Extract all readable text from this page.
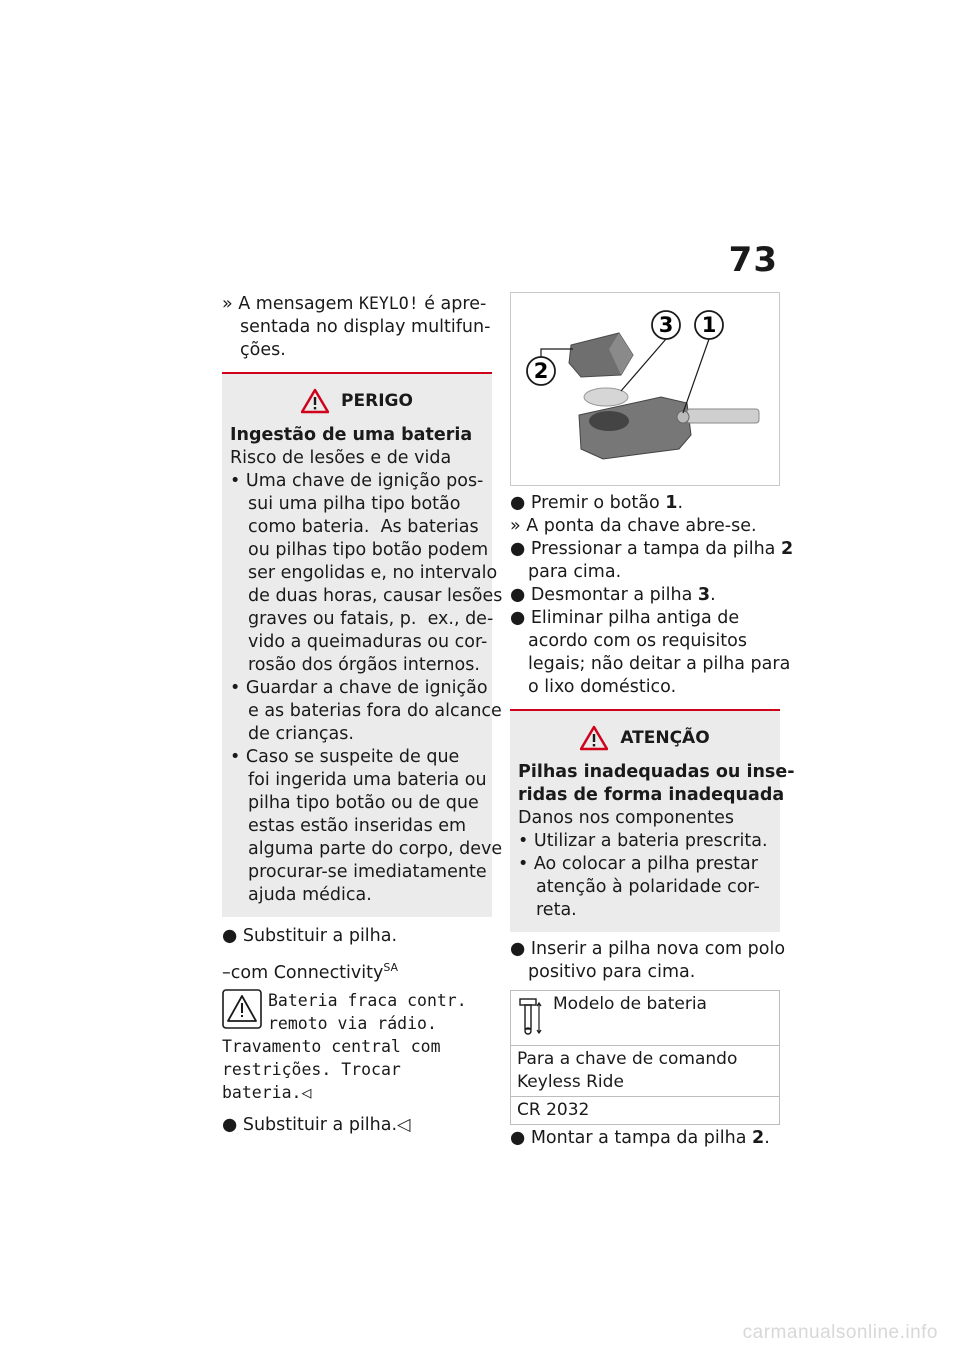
73
» A mensagem KEYLO! é apre-
sentada no display multifun-
ções.
PERIGO
Ingestão de uma bateria
Risco de lesões e de vida
• Uma chave de ignição pos-
sui uma pilha tipo botão
como bateria.  As baterias
ou pilhas tipo botão podem
ser engolidas e, no intervalo
de duas horas, causar lesões
graves ou fatais, p.  ex., de-
vido a queimaduras ou cor-
rosão dos órgãos internos.
• Guardar a chave de ignição
e as baterias fora do alcance
de crianças.
• Caso se suspeite de que
foi ingerida uma bateria ou
pilha tipo botão ou de que
estas estão inseridas em
alguma parte do corpo, deve
procurar-se imediatamente
ajuda médica.
● Substituir a pilha.
–com Connectivity$^{SA}$
Bateria fraca contr.
remoto via rádio.
Travamento central com
restrições. Trocar
bateria.◁
● Substituir a pilha.◁
3 1
2
● Premir o botão 1.
» A ponta da chave abre-se.
● Pressionar a tampa da pilha 2
para cima.
● Desmontar a pilha 3.
● Eliminar pilha antiga de
acordo com os requisitos
legais; não deitar a pilha para
o lixo doméstico.
ATENÇÃO
Pilhas inadequadas ou inse-
ridas de forma inadequada
Danos nos componentes
• Utilizar a bateria prescrita.
• Ao colocar a pilha prestar
atenção à polaridade cor-
reta.
● Inserir a pilha nova com polo
positivo para cima.
Modelo de bateria

Para a chave de comando
Keyless Ride

CR 2032
● Montar a tampa da pilha 2.
carmanualsonline.info
